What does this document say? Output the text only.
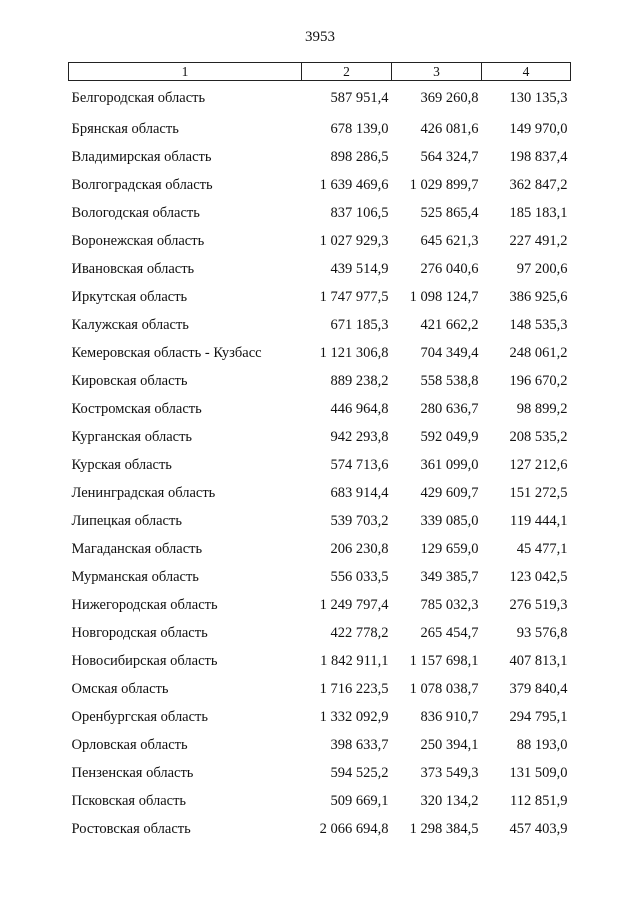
3953
1	2	3	4
Белгородская область	587 951,4	369 260,8	130 135,3
Брянская область	678 139,0	426 081,6	149 970,0
Владимирская область	898 286,5	564 324,7	198 837,4
Волгоградская область	1 639 469,6	1 029 899,7	362 847,2
Вологодская область	837 106,5	525 865,4	185 183,1
Воронежская область	1 027 929,3	645 621,3	227 491,2
Ивановская область	439 514,9	276 040,6	97 200,6
Иркутская область	1 747 977,5	1 098 124,7	386 925,6
Калужская область	671 185,3	421 662,2	148 535,3
Кемеровская область - Кузбасс	1 121 306,8	704 349,4	248 061,2
Кировская область	889 238,2	558 538,8	196 670,2
Костромская область	446 964,8	280 636,7	98 899,2
Курганская область	942 293,8	592 049,9	208 535,2
Курская область	574 713,6	361 099,0	127 212,6
Ленинградская область	683 914,4	429 609,7	151 272,5
Липецкая область	539 703,2	339 085,0	119 444,1
Магаданская область	206 230,8	129 659,0	45 477,1
Мурманская область	556 033,5	349 385,7	123 042,5
Нижегородская область	1 249 797,4	785 032,3	276 519,3
Новгородская область	422 778,2	265 454,7	93 576,8
Новосибирская область	1 842 911,1	1 157 698,1	407 813,1
Омская область	1 716 223,5	1 078 038,7	379 840,4
Оренбургская область	1 332 092,9	836 910,7	294 795,1
Орловская область	398 633,7	250 394,1	88 193,0
Пензенская область	594 525,2	373 549,3	131 509,0
Псковская область	509 669,1	320 134,2	112 851,9
Ростовская область	2 066 694,8	1 298 384,5	457 403,9
